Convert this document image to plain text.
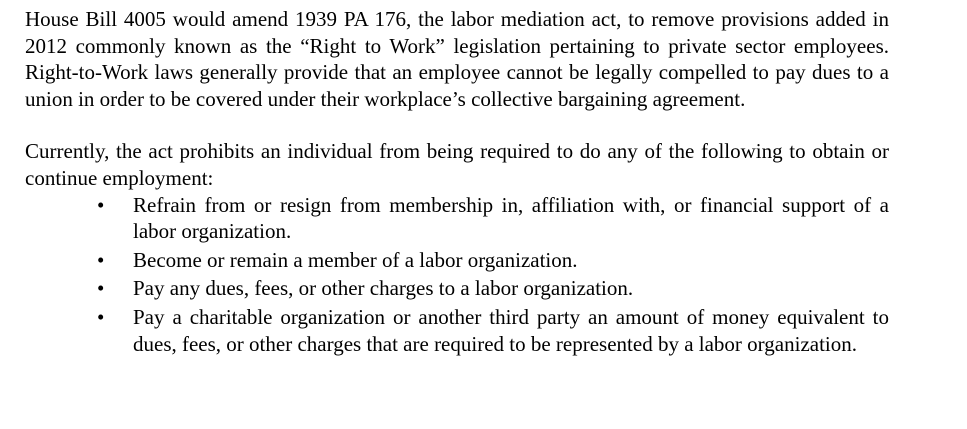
House Bill 4005 would amend 1939 PA 176, the labor mediation act, to remove provisions added in 2012 commonly known as the “Right to Work” legislation pertaining to private sector employees. Right-to-Work laws generally provide that an employee cannot be legally compelled to pay dues to a union in order to be covered under their workplace’s collective bargaining agreement.

Currently, the act prohibits an individual from being required to do any of the following to obtain or continue employment:

•	Refrain from or resign from membership in, affiliation with, or financial support of a labor organization.
•	Become or remain a member of a labor organization.
•	Pay any dues, fees, or other charges to a labor organization.
•	Pay a charitable organization or another third party an amount of money equivalent to dues, fees, or other charges that are required to be represented by a labor organization.
